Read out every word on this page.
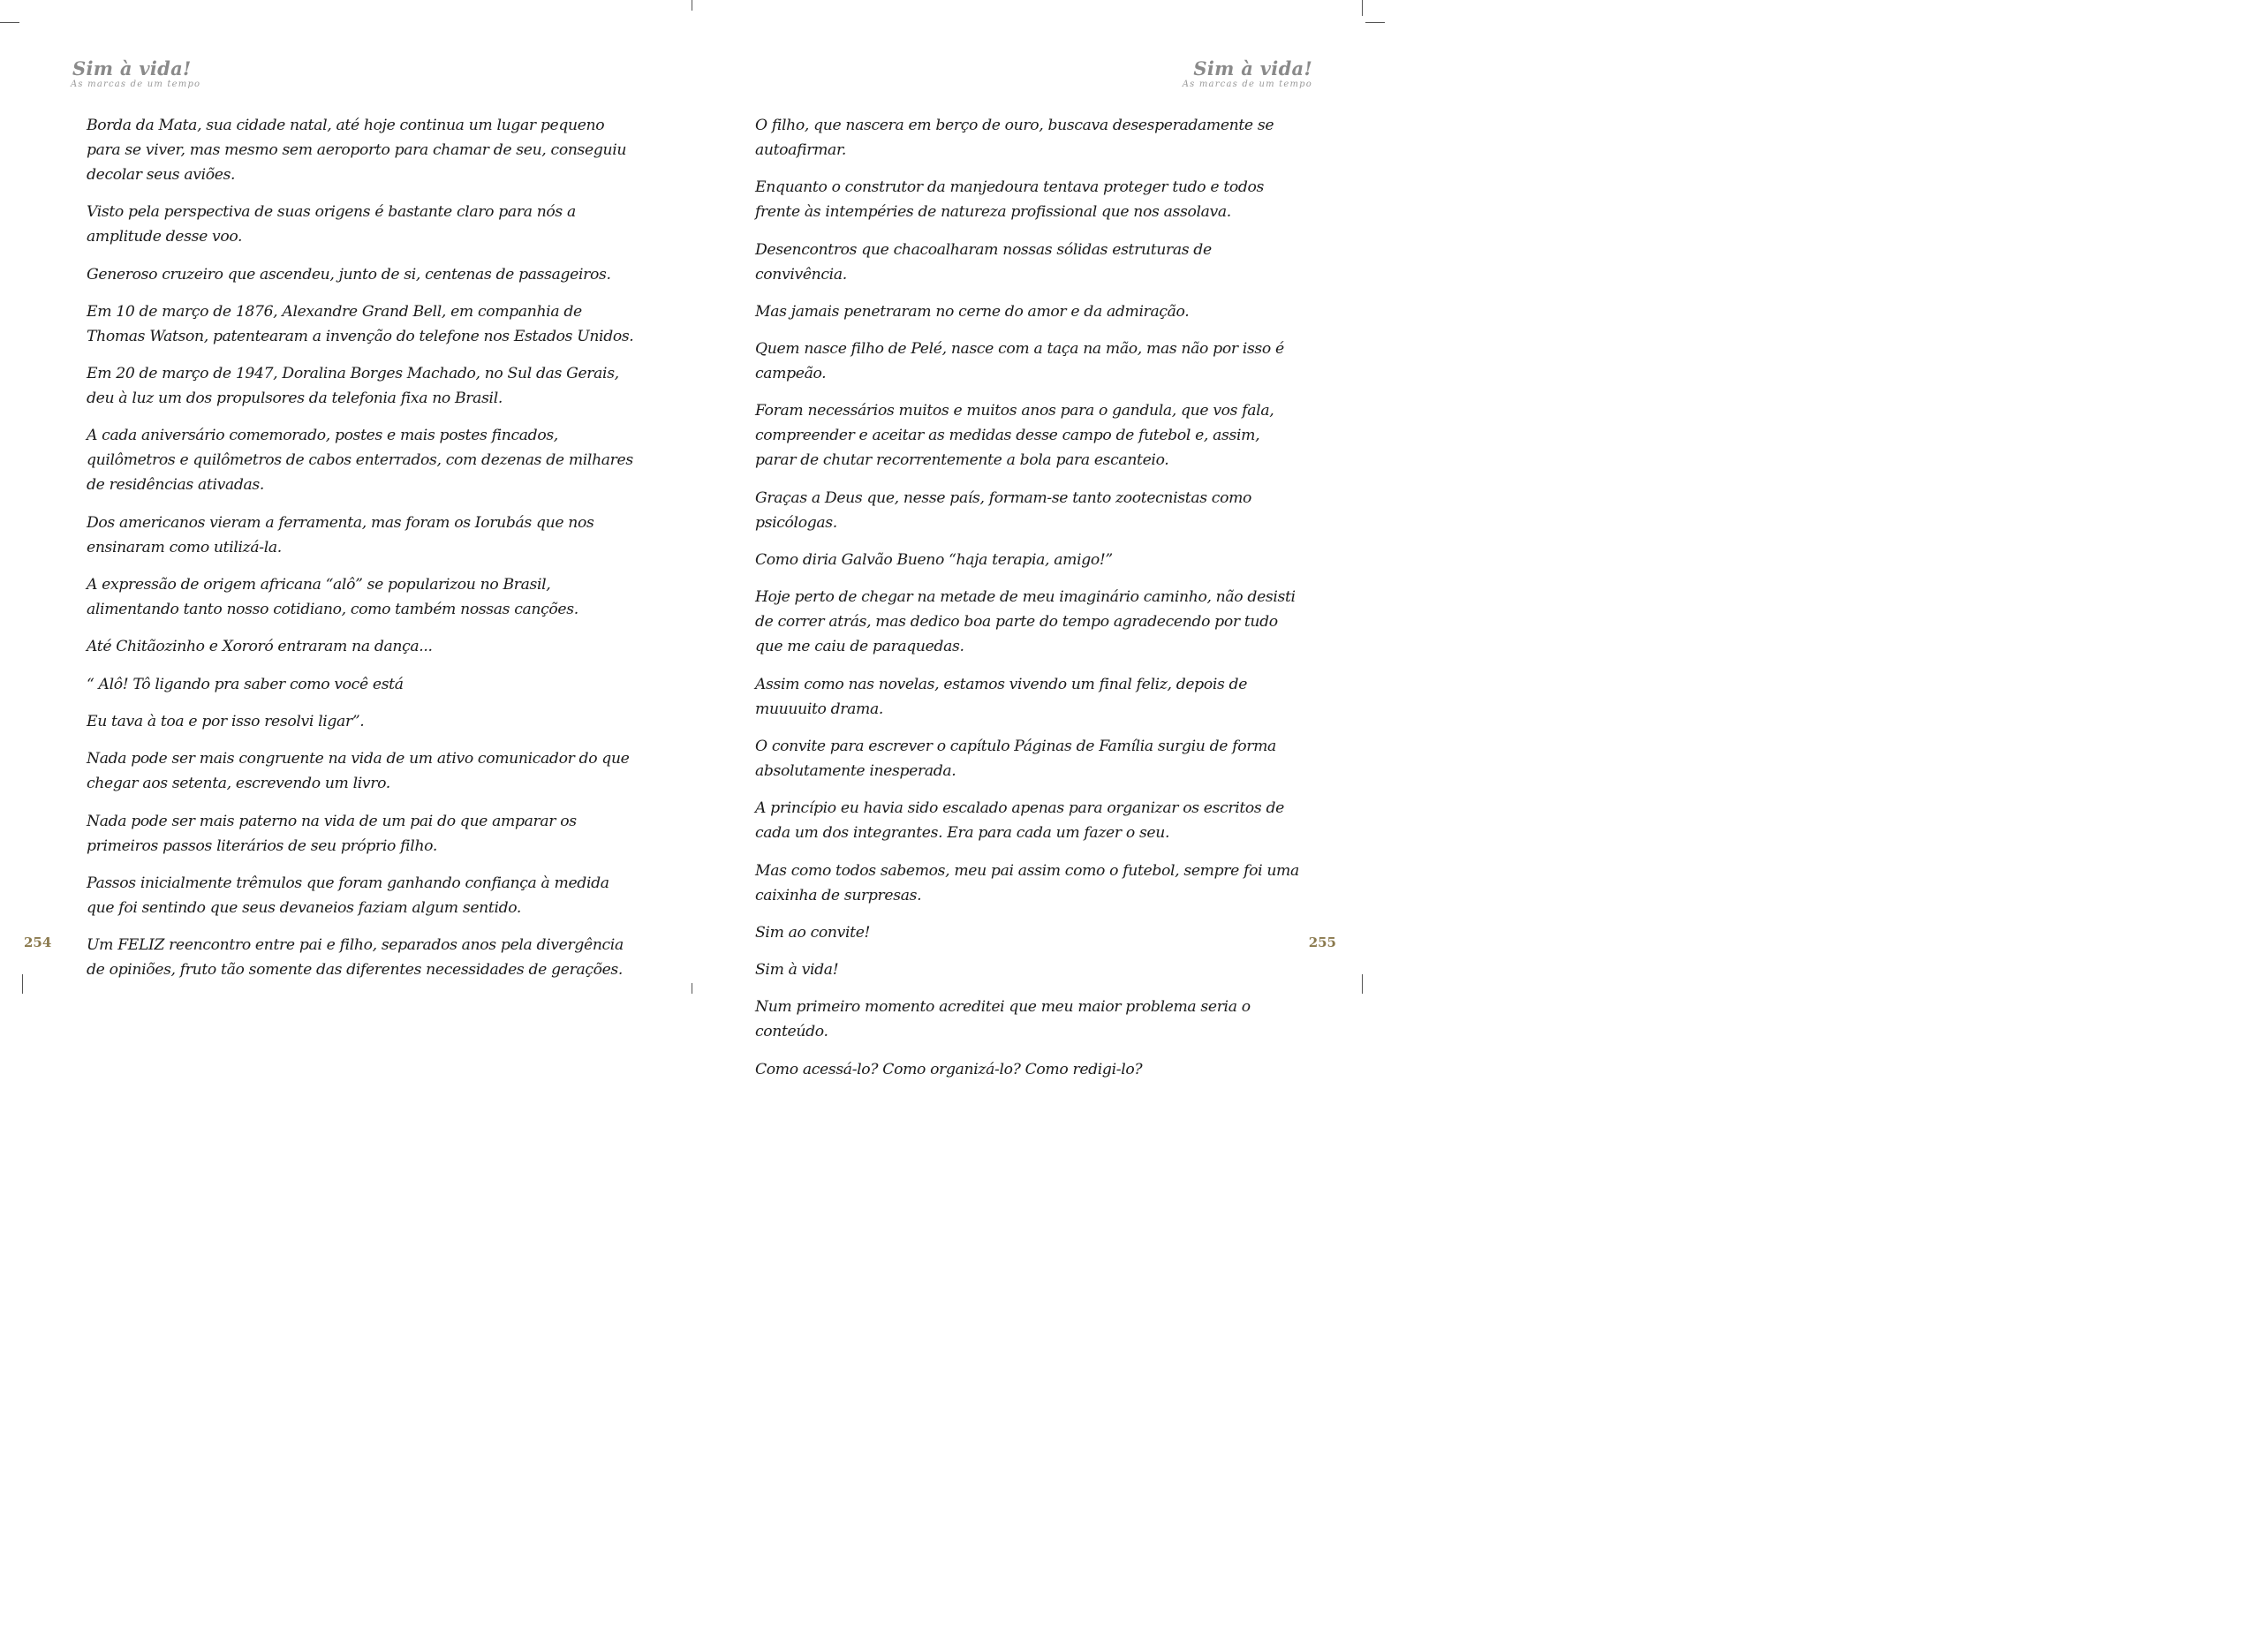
Sim à vida!
As marcas de um tempo

Borda da Mata, sua cidade natal, até hoje continua um lugar pequeno para se viver, mas mesmo sem aeroporto para chamar de seu, conseguiu decolar seus aviões.

Visto pela perspectiva de suas origens é bastante claro para nós a amplitude desse voo.

Generoso cruzeiro que ascendeu, junto de si, centenas de passageiros.

Em 10 de março de 1876, Alexandre Grand Bell, em companhia de Thomas Watson, patentearam a invenção do telefone nos Estados Unidos.

Em 20 de março de 1947, Doralina Borges Machado, no Sul das Gerais, deu à luz um dos propulsores da telefonia fixa no Brasil.

A cada aniversário comemorado, postes e mais postes fincados, quilômetros e quilômetros de cabos enterrados, com dezenas de milhares de residências ativadas.

Dos americanos vieram a ferramenta, mas foram os Iorubás que nos ensinaram como utilizá-la.

A expressão de origem africana “alô” se popularizou no Brasil, alimentando tanto nosso cotidiano, como também nossas canções.

Até Chitãozinho e Xororó entraram na dança...

“ Alô! Tô ligando pra saber como você está

Eu tava à toa e por isso resolvi ligar”.

Nada pode ser mais congruente na vida de um ativo comunicador do que chegar aos setenta, escrevendo um livro.

Nada pode ser mais paterno na vida de um pai do que amparar os primeiros passos literários de seu próprio filho.

Passos inicialmente trêmulos que foram ganhando confiança à medida que foi sentindo que seus devaneios faziam algum sentido.

Um FELIZ reencontro entre pai e filho, separados anos pela divergência de opiniões, fruto tão somente das diferentes necessidades de gerações.

254
Sim à vida!
As marcas de um tempo

O filho, que nascera em berço de ouro, buscava desesperadamente se autoafirmar.

Enquanto o construtor da manjedoura tentava proteger tudo e todos frente às intempéries de natureza profissional que nos assolava.

Desencontros que chacoalharam nossas sólidas estruturas de convivência.

Mas jamais penetraram no cerne do amor e da admiração.

Quem nasce filho de Pelé, nasce com a taça na mão, mas não por isso é campeão.

Foram necessários muitos e muitos anos para o gandula, que vos fala, compreender e aceitar as medidas desse campo de futebol e, assim, parar de chutar recorrentemente a bola para escanteio.

Graças a Deus que, nesse país, formam-se tanto zootecnistas como psicólogas.

Como diria Galvão Bueno “haja terapia, amigo!”

Hoje perto de chegar na metade de meu imaginário caminho, não desisti de correr atrás, mas dedico boa parte do tempo agradecendo por tudo que me caiu de paraquedas.

Assim como nas novelas, estamos vivendo um final feliz, depois de muuuuito drama.

O convite para escrever o capítulo Páginas de Família surgiu de forma absolutamente inesperada.

A princípio eu havia sido escalado apenas para organizar os escritos de cada um dos integrantes. Era para cada um fazer o seu.

Mas como todos sabemos, meu pai assim como o futebol, sempre foi uma caixinha de surpresas.

Sim ao convite!

Sim à vida!

Num primeiro momento acreditei que meu maior problema seria o conteúdo.

Como acessá-lo? Como organizá-lo? Como redigi-lo?

255
